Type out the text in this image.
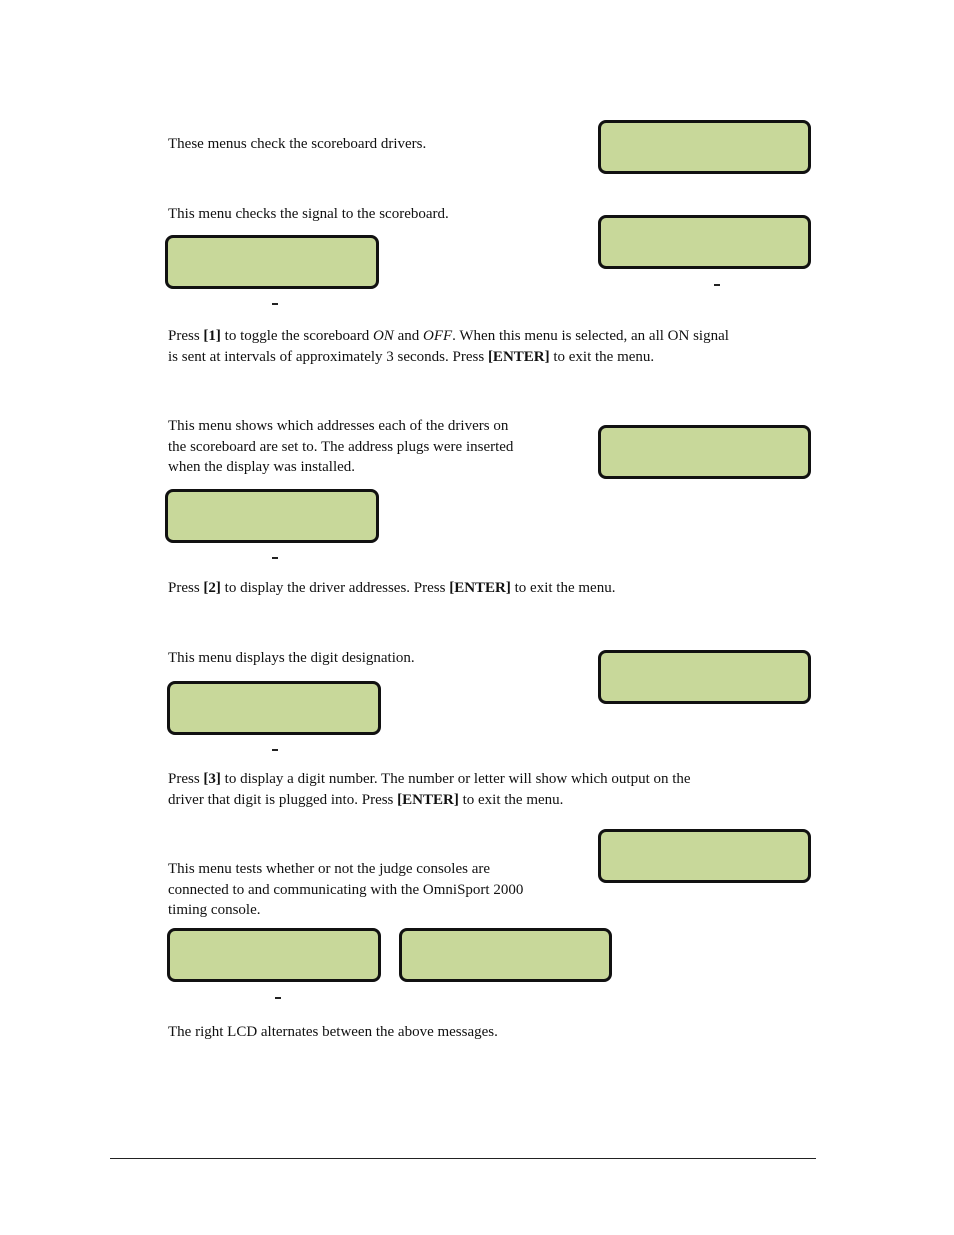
These menus check the scoreboard drivers.

This menu checks the signal to the scoreboard.

Press [1] to toggle the scoreboard ON and OFF. When this menu is selected, an all ON signal
is sent at intervals of approximately 3 seconds. Press [ENTER] to exit the menu.

This menu shows which addresses each of the drivers on
the scoreboard are set to. The address plugs were inserted
when the display was installed.

Press [2] to display the driver addresses. Press [ENTER] to exit the menu.

This menu displays the digit designation.

Press [3] to display a digit number. The number or letter will show which output on the
driver that digit is plugged into. Press [ENTER] to exit the menu.

This menu tests whether or not the judge consoles are
connected to and communicating with the OmniSport 2000
timing console.

The right LCD alternates between the above messages.
